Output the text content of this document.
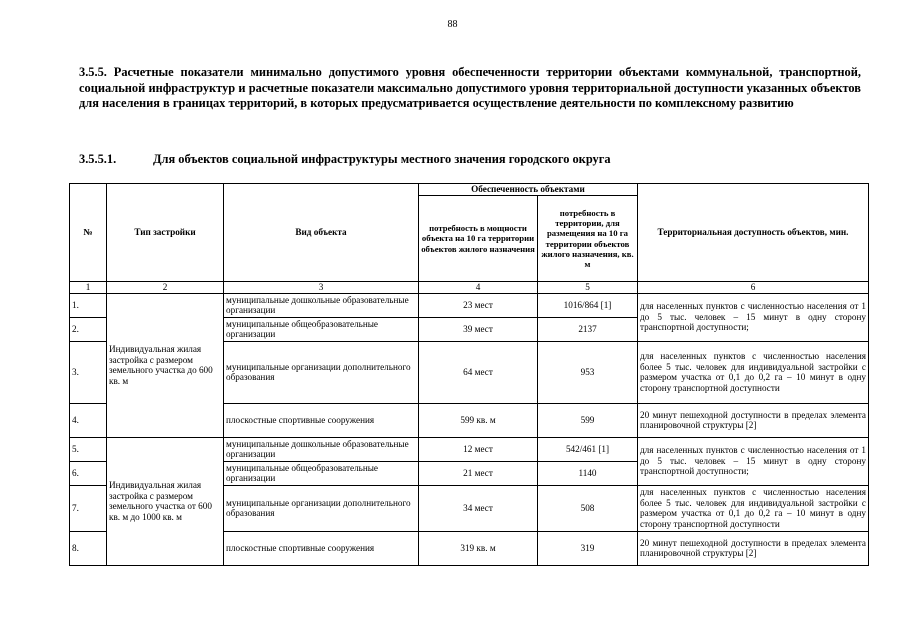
88
3.5.5. Расчетные показатели минимально допустимого уровня обеспеченности территории объектами коммунальной, транспортной, социальной инфраструктур и расчетные показатели максимально допустимого уровня территориальной доступности указанных объектов для населения в границах территорий, в которых предусматривается осуществление деятельности по комплексному развитию
3.5.5.1.	Для объектов социальной инфраструктуры местного значения городского округа
№	Тип застройки	Вид объекта	Обеспеченность объектами		Территориальная доступность объектов, мин.
			потребность в мощности объекта на 10 га территории объектов жилого назначения	потребность в территории, для размещения на 10 га территории объектов жилого назначения, кв. м	
1	2	3	4	5	6
1.	Индивидуальная жилая застройка с размером земельного участка до 600 кв. м	муниципальные дошкольные образовательные организации	23 мест	1016/864 [1]	для населенных пунктов с численностью населения от 1 до 5 тыс. человек – 15 минут в одну сторону транспортной доступности;
2.		муниципальные общеобразовательные организации	39 мест	2137	
3.		муниципальные организации дополнительного образования	64 мест	953	для населенных пунктов с численностью населения более 5 тыс. человек для индивидуальной застройки с размером участка от 0,1 до 0,2 га – 10 минут в одну сторону транспортной доступности
4.		плоскостные спортивные сооружения	599 кв. м	599	20 минут пешеходной доступности в пределах элемента планировочной структуры [2]
5.	Индивидуальная жилая застройка с размером земельного участка от 600 кв. м до 1000 кв. м	муниципальные дошкольные образовательные организации	12 мест	542/461 [1]	для населенных пунктов с численностью населения от 1 до 5 тыс. человек – 15 минут в одну сторону транспортной доступности;
6.		муниципальные общеобразовательные организации	21 мест	1140	
7.		муниципальные организации дополнительного образования	34 мест	508	для населенных пунктов с численностью населения более 5 тыс. человек для индивидуальной застройки с размером участка от 0,1 до 0,2 га – 10 минут в одну сторону транспортной доступности
8.		плоскостные спортивные сооружения	319 кв. м	319	20 минут пешеходной доступности в пределах элемента планировочной структуры [2]
